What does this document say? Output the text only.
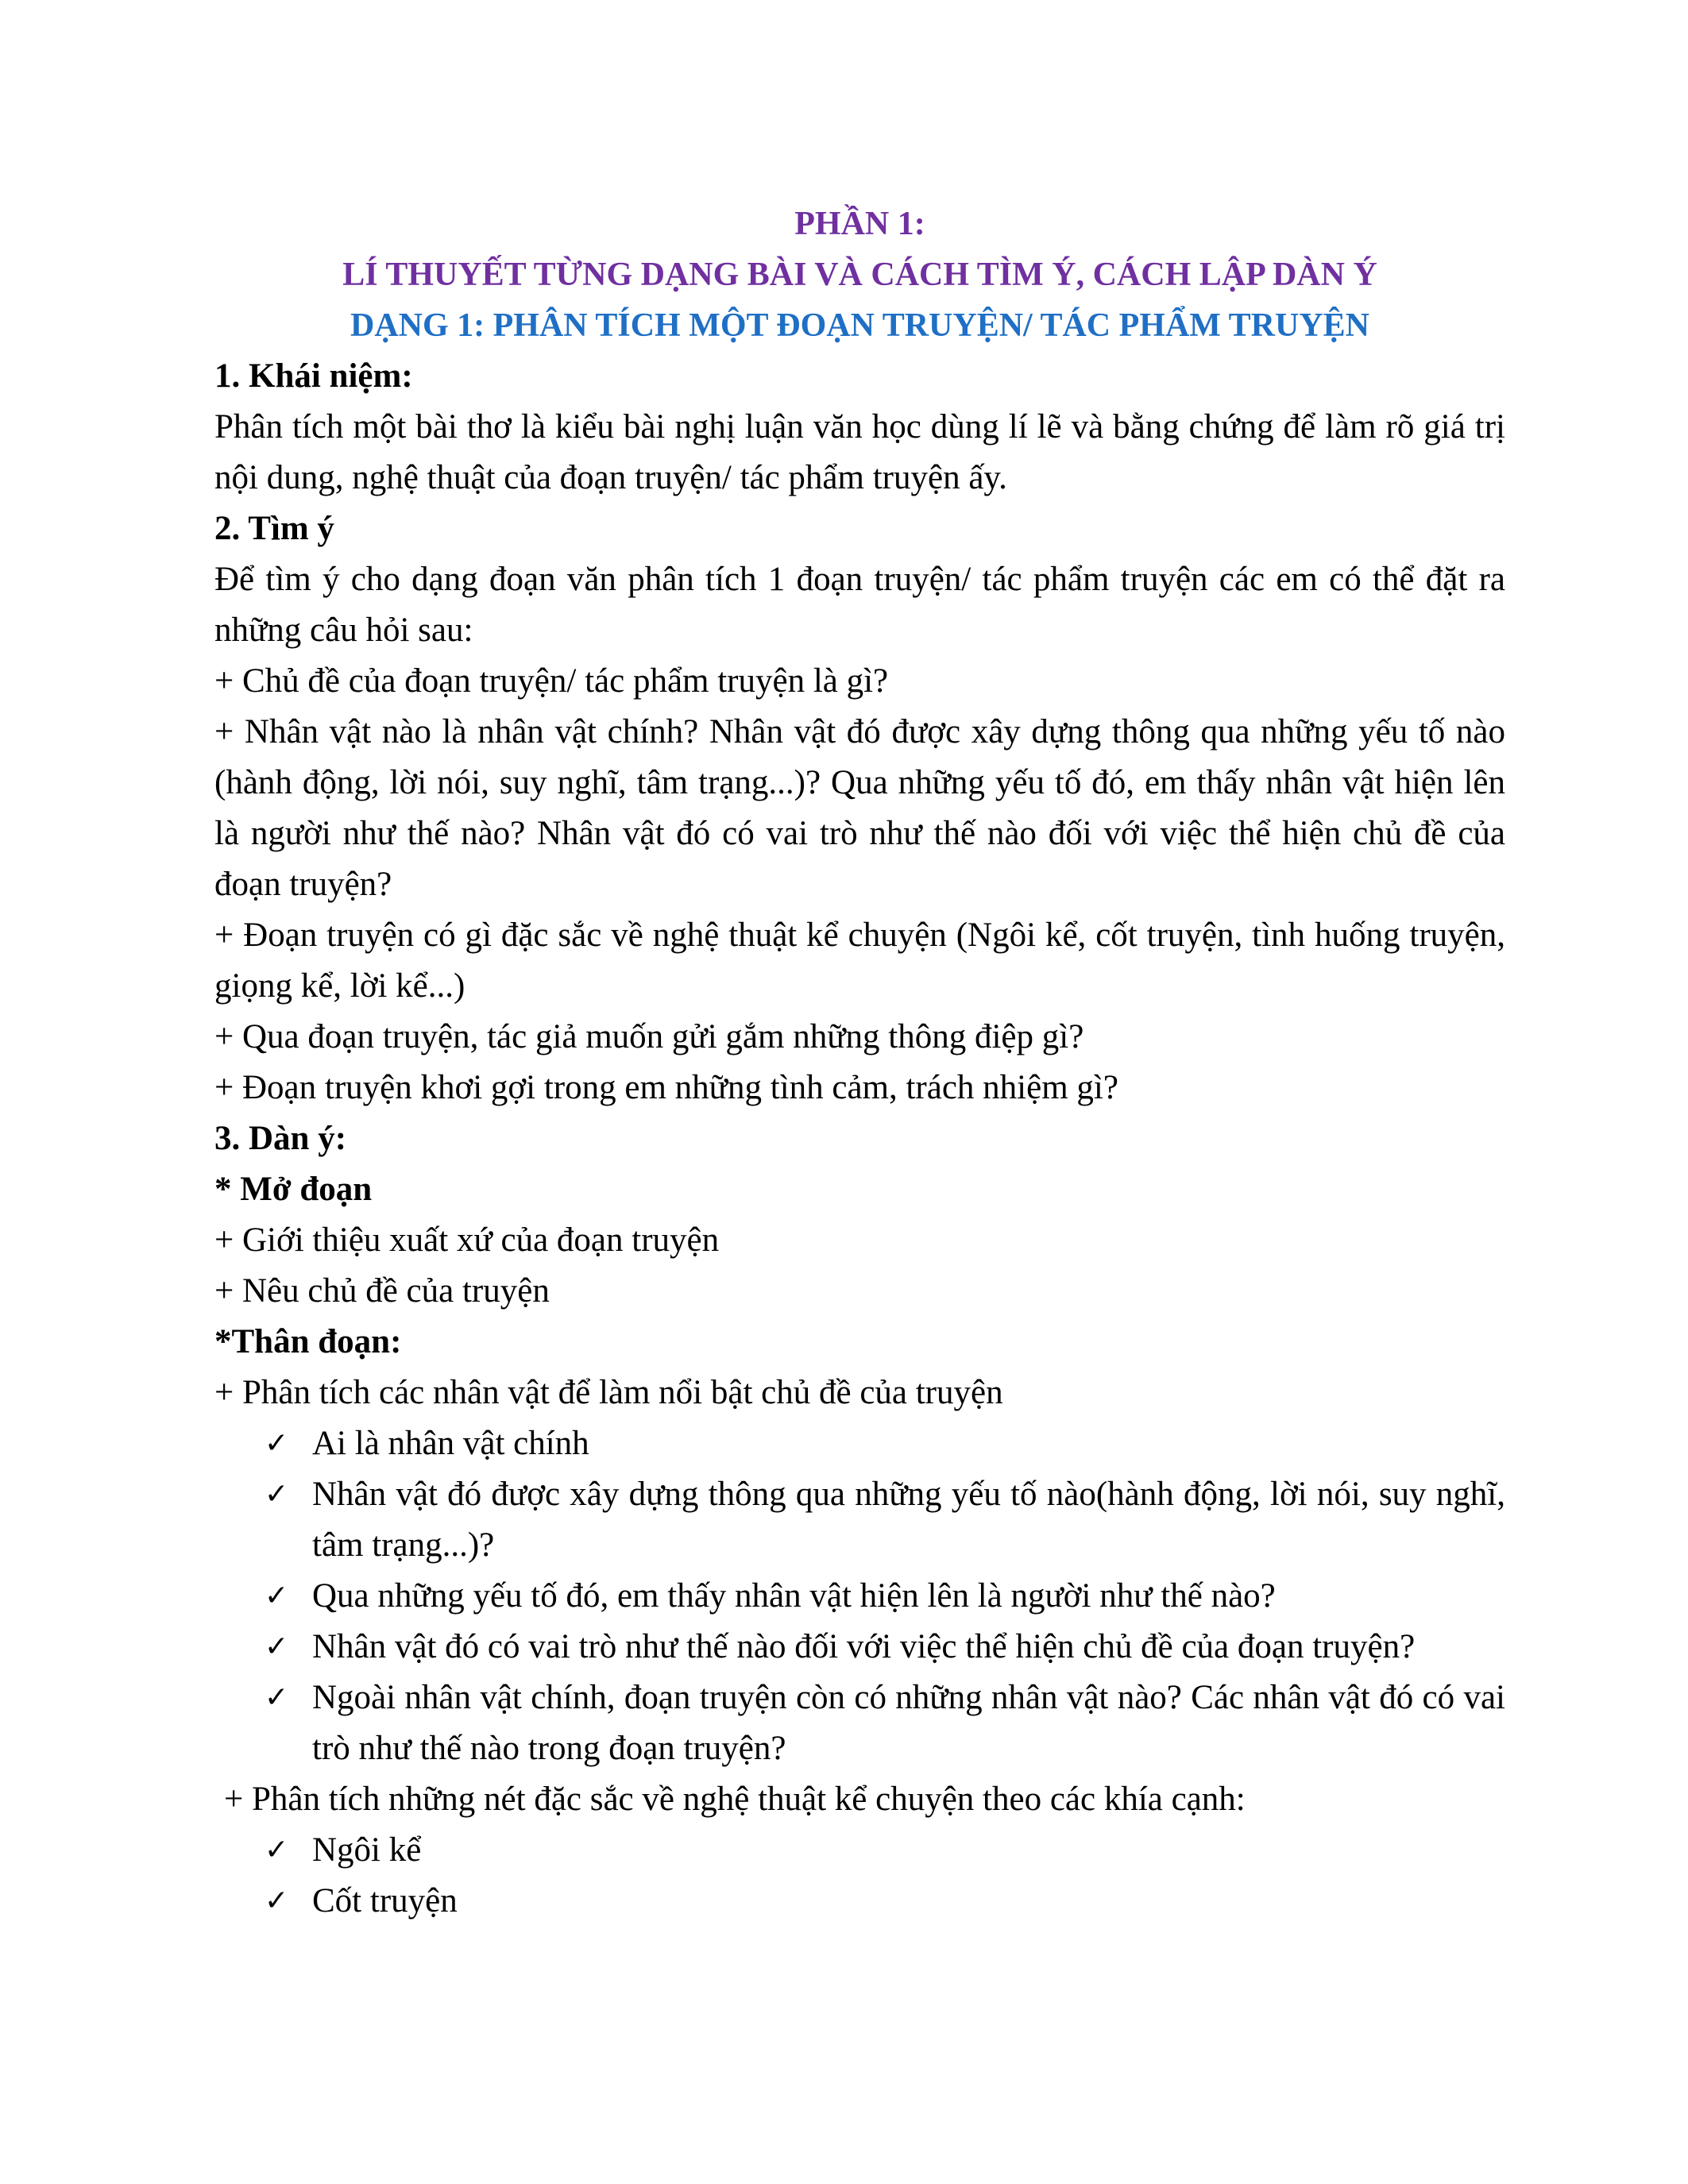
PHẦN 1:

LÍ THUYẾT TỪNG DẠNG BÀI VÀ CÁCH TÌM Ý, CÁCH LẬP DÀN Ý

DẠNG 1: PHÂN TÍCH MỘT ĐOẠN TRUYỆN/ TÁC PHẨM TRUYỆN

1. Khái niệm:

Phân tích một bài thơ là kiểu bài nghị luận văn học dùng lí lẽ và bằng chứng để làm rõ giá trị nội dung, nghệ thuật của đoạn truyện/ tác phẩm truyện ấy.

2. Tìm ý

Để tìm ý cho dạng đoạn văn phân tích 1 đoạn truyện/ tác phẩm truyện các em có thể đặt ra những câu hỏi sau:

+ Chủ đề của đoạn truyện/ tác phẩm truyện là gì?

+ Nhân vật nào là nhân vật chính? Nhân vật đó được xây dựng thông qua những yếu tố nào (hành động, lời nói, suy nghĩ, tâm trạng...)? Qua những yếu tố đó, em thấy nhân vật hiện lên là người như thế nào? Nhân vật đó có vai trò như thế nào đối với việc thể hiện chủ đề của đoạn truyện?

+ Đoạn truyện có gì đặc sắc về nghệ thuật kể chuyện (Ngôi kể, cốt truyện, tình huống truyện, giọng kể, lời kể...)

+ Qua đoạn truyện, tác giả muốn gửi gắm những thông điệp gì?

+ Đoạn truyện khơi gợi trong em những tình cảm, trách nhiệm gì?

3. Dàn ý:

* Mở đoạn

+ Giới thiệu xuất xứ của đoạn truyện

+ Nêu chủ đề của truyện

*Thân đoạn:

+ Phân tích các nhân vật để làm nổi bật chủ đề của truyện

✓ Ai là nhân vật chính
✓ Nhân vật đó được xây dựng thông qua những yếu tố nào(hành động, lời nói, suy nghĩ, tâm trạng...)?
✓ Qua những yếu tố đó, em thấy nhân vật hiện lên là người như thế nào?
✓ Nhân vật đó có vai trò như thế nào đối với việc thể hiện chủ đề của đoạn truyện?
✓ Ngoài nhân vật chính, đoạn truyện còn có những nhân vật nào? Các nhân vật đó có vai trò như thế nào trong đoạn truyện?

+ Phân tích những nét đặc sắc về nghệ thuật kể chuyện theo các khía cạnh:

✓ Ngôi kể
✓ Cốt truyện
